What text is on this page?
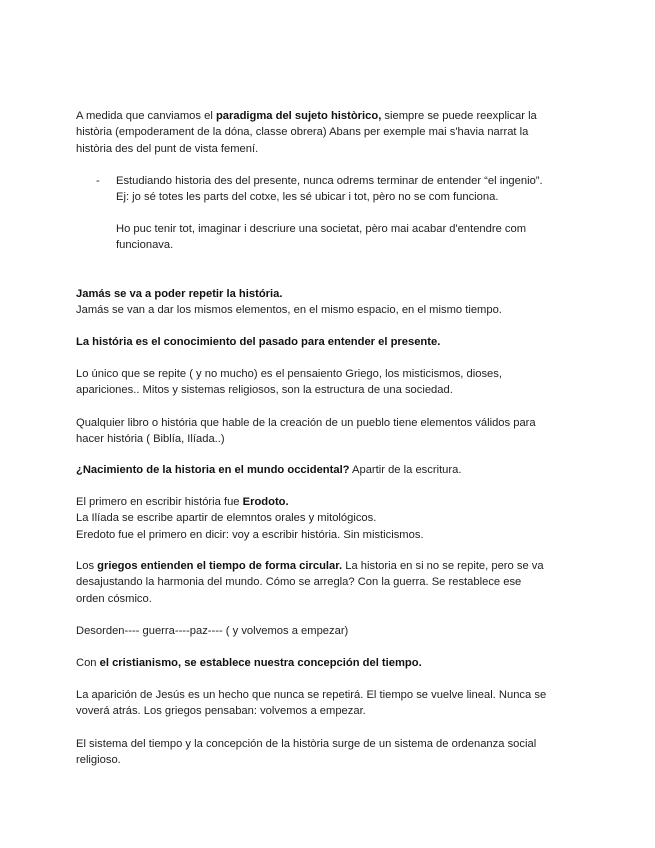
A medida que canviamos el paradigma del sujeto històrico, siempre se puede reexplicar la
història (empoderament de la dóna, classe obrera) Abans per exemple mai s'havia narrat la
història des del punt de vista femení.
- Estudiando historia des del presente, nunca odrems terminar de entender “el ingenio”.
Ej: jo sé totes les parts del cotxe, les sé ubicar i tot, pèro no se com funciona.
Ho puc tenir tot, imaginar i descriure una societat, pèro mai acabar d'entendre com
funcionava.
Jamás se va a poder repetir la história.
Jamás se van a dar los mismos elementos, en el mismo espacio, en el mismo tiempo.
La história es el conocimiento del pasado para entender el presente.
Lo único que se repite ( y no mucho) es el pensaiento Griego, los misticismos, dioses,
apariciones.. Mitos y sistemas religiosos, son la estructura de una sociedad.
Qualquier libro o história que hable de la creación de un pueblo tiene elementos válidos para
hacer história ( Biblía, Ilíada..)
¿Nacimiento de la historia en el mundo occidental? Apartir de la escritura.
El primero en escribir história fue Erodoto.
La Ilíada se escribe apartir de elemntos orales y mitológicos.
Eredoto fue el primero en dicir: voy a escribir história. Sin misticismos.
Los griegos entienden el tiempo de forma circular. La historia en si no se repite, pero se va
desajustando la harmonia del mundo. Cómo se arregla? Con la guerra. Se restablece ese
orden cósmico.
Desorden---- guerra----paz---- ( y volvemos a empezar)
Con el cristianismo, se establece nuestra concepción del tiempo.
La aparición de Jesús es un hecho que nunca se repetirá. El tiempo se vuelve lineal. Nunca se
voverá atrás. Los griegos pensaban: volvemos a empezar.
El sistema del tiempo y la concepción de la història surge de un sistema de ordenanza social
religioso.
